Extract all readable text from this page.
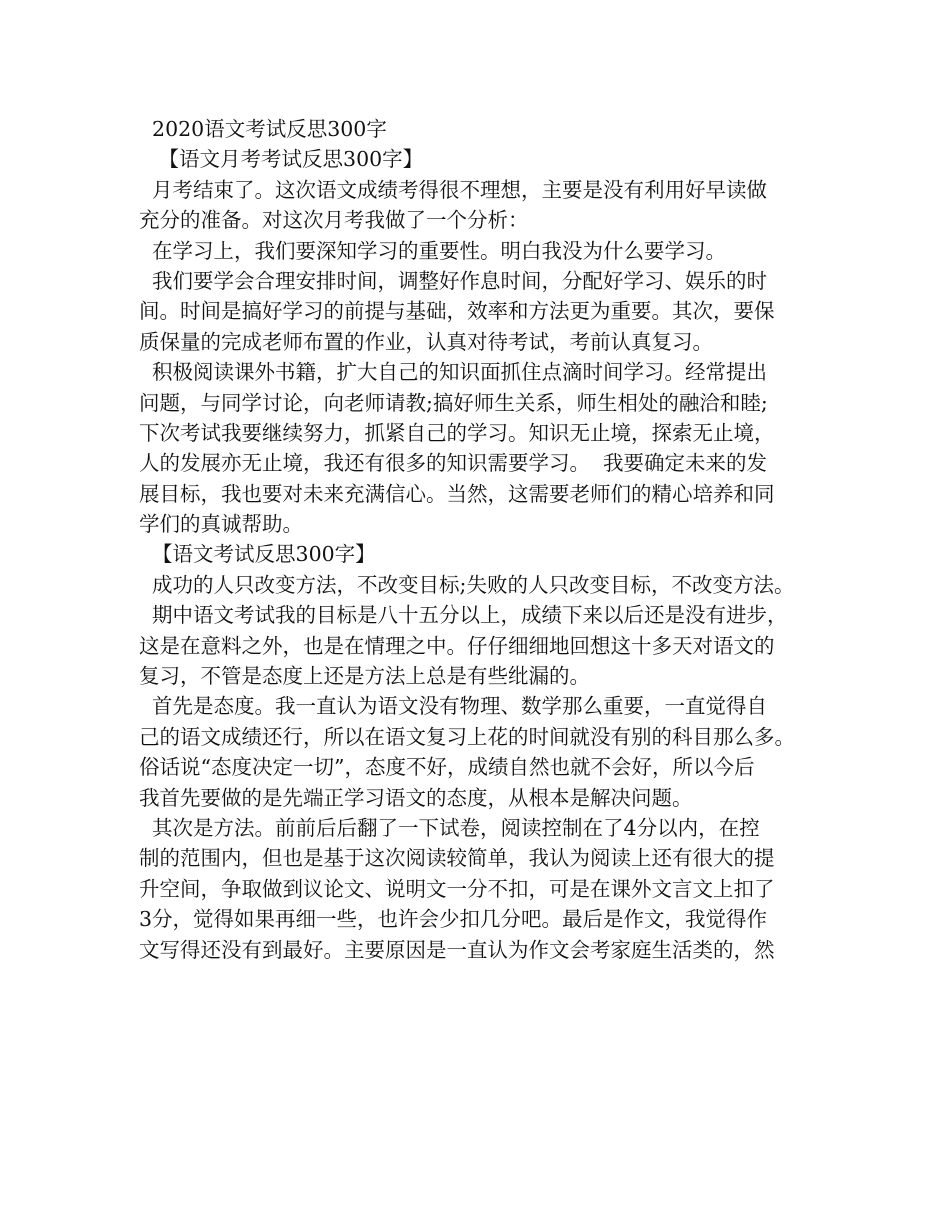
2020语文考试反思300字
【语文月考考试反思300字】
月考结束了。这次语文成绩考得很不理想，主要是没有利用好早读做
充分的准备。对这次月考我做了一个分析：
在学习上，我们要深知学习的重要性。明白我没为什么要学习。
我们要学会合理安排时间，调整好作息时间，分配好学习、娱乐的时
间。时间是搞好学习的前提与基础，效率和方法更为重要。其次，要保
质保量的完成老师布置的作业，认真对待考试，考前认真复习。
积极阅读课外书籍，扩大自己的知识面抓住点滴时间学习。经常提出
问题，与同学讨论，向老师请教;搞好师生关系，师生相处的融洽和睦;
下次考试我要继续努力，抓紧自己的学习。知识无止境，探索无止境，
人的发展亦无止境，我还有很多的知识需要学习。  我要确定未来的发
展目标，我也要对未来充满信心。当然，这需要老师们的精心培养和同
学们的真诚帮助。
【语文考试反思300字】
成功的人只改变方法，不改变目标;失败的人只改变目标，不改变方法。
期中语文考试我的目标是八十五分以上，成绩下来以后还是没有进步，
这是在意料之外，也是在情理之中。仔仔细细地回想这十多天对语文的
复习，不管是态度上还是方法上总是有些纰漏的。
首先是态度。我一直认为语文没有物理、数学那么重要，一直觉得自
己的语文成绩还行，所以在语文复习上花的时间就没有别的科目那么多。
俗话说“态度决定一切”，态度不好，成绩自然也就不会好，所以今后
我首先要做的是先端正学习语文的态度，从根本是解决问题。
其次是方法。前前后后翻了一下试卷，阅读控制在了4分以内，在控
制的范围内，但也是基于这次阅读较简单，我认为阅读上还有很大的提
升空间，争取做到议论文、说明文一分不扣，可是在课外文言文上扣了
3分，觉得如果再细一些，也许会少扣几分吧。最后是作文，我觉得作
文写得还没有到最好。主要原因是一直认为作文会考家庭生活类的，然
